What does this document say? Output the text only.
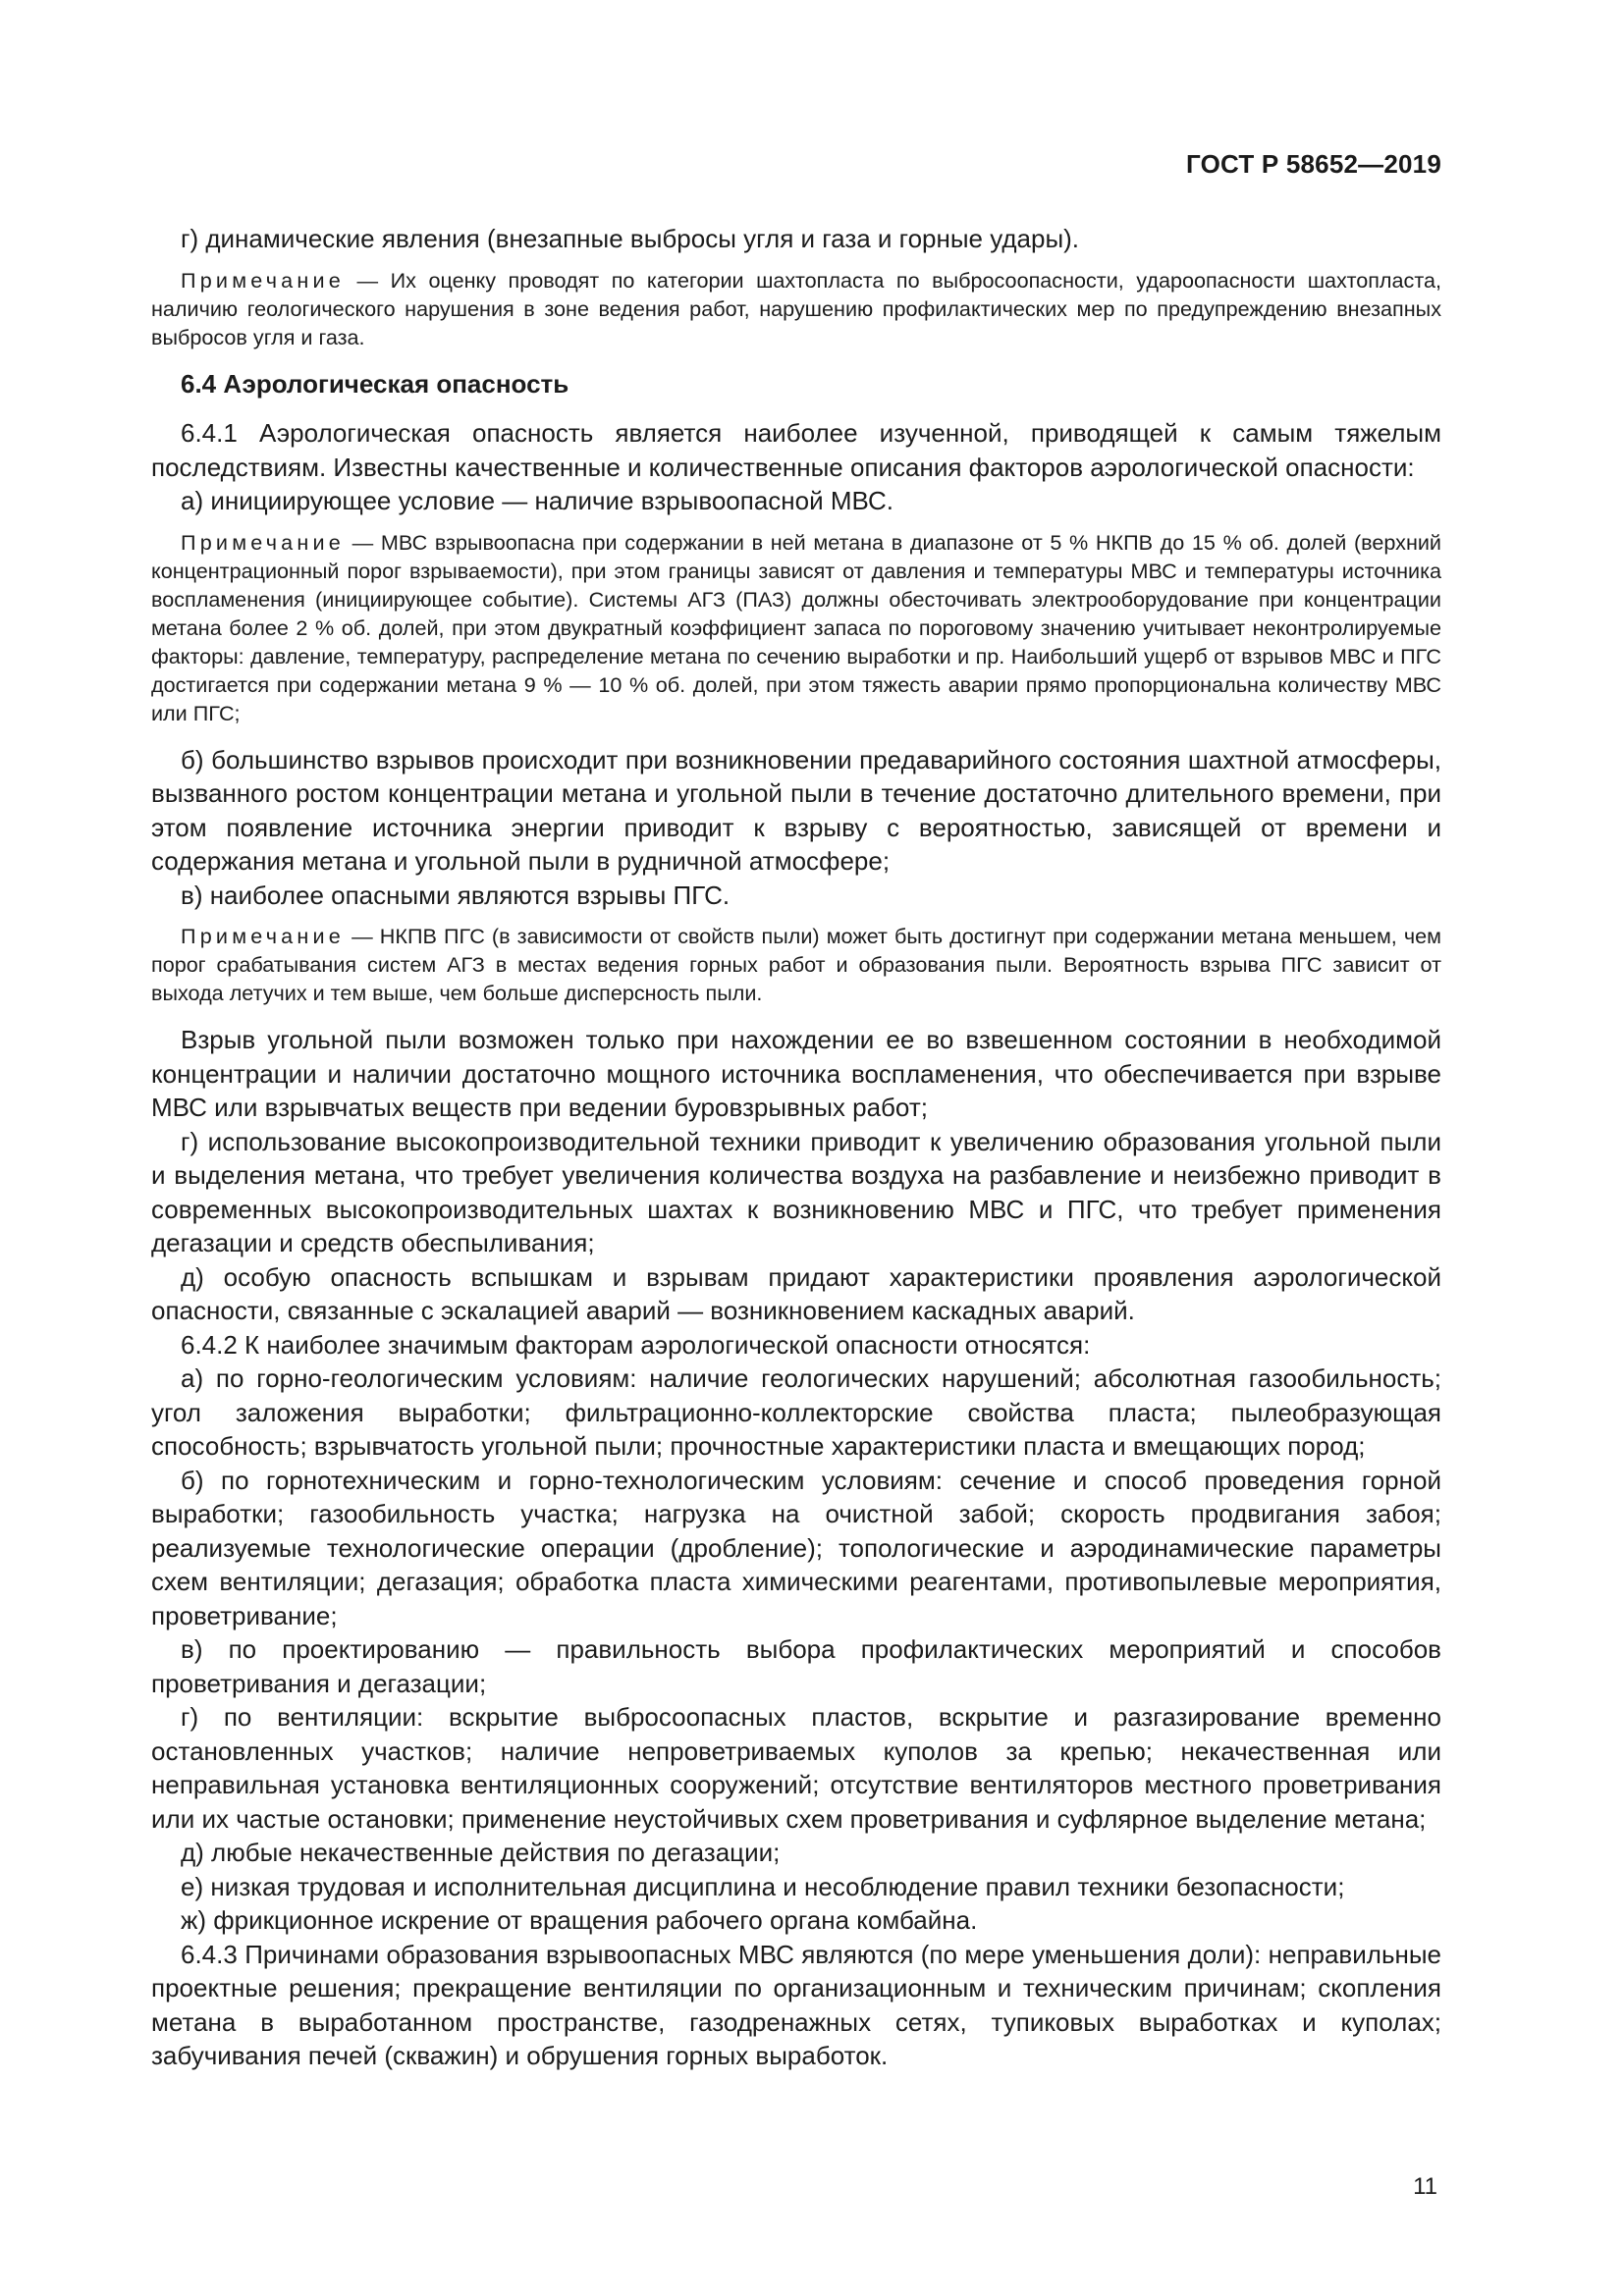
ГОСТ Р 58652—2019

г) динамические явления (внезапные выбросы угля и газа и горные удары).

Примечание — Их оценку проводят по категории шахтопласта по выбросоопасности, удароопасности шахтопласта, наличию геологического нарушения в зоне ведения работ, нарушению профилактических мер по предупреждению внезапных выбросов угля и газа.

6.4 Аэрологическая опасность

6.4.1 Аэрологическая опасность является наиболее изученной, приводящей к самым тяжелым последствиям. Известны качественные и количественные описания факторов аэрологической опасности:

а) инициирующее условие — наличие взрывоопасной МВС.

Примечание — МВС взрывоопасна при содержании в ней метана в диапазоне от 5 % НКПВ до 15 % об. долей (верхний концентрационный порог взрываемости), при этом границы зависят от давления и температуры МВС и температуры источника воспламенения (инициирующее событие). Системы АГЗ (ПАЗ) должны обесточивать электрооборудование при концентрации метана более 2 % об. долей, при этом двукратный коэффициент запаса по пороговому значению учитывает неконтролируемые факторы: давление, температуру, распределение метана по сечению выработки и пр. Наибольший ущерб от взрывов МВС и ПГС достигается при содержании метана 9 % — 10 % об. долей, при этом тяжесть аварии прямо пропорциональна количеству МВС или ПГС;

б) большинство взрывов происходит при возникновении предаварийного состояния шахтной атмосферы, вызванного ростом концентрации метана и угольной пыли в течение достаточно длительного времени, при этом появление источника энергии приводит к взрыву с вероятностью, зависящей от времени и содержания метана и угольной пыли в рудничной атмосфере;

в) наиболее опасными являются взрывы ПГС.

Примечание — НКПВ ПГС (в зависимости от свойств пыли) может быть достигнут при содержании метана меньшем, чем порог срабатывания систем АГЗ в местах ведения горных работ и образования пыли. Вероятность взрыва ПГС зависит от выхода летучих и тем выше, чем больше дисперсность пыли.

Взрыв угольной пыли возможен только при нахождении ее во взвешенном состоянии в необходимой концентрации и наличии достаточно мощного источника воспламенения, что обеспечивается при взрыве МВС или взрывчатых веществ при ведении буровзрывных работ;

г) использование высокопроизводительной техники приводит к увеличению образования угольной пыли и выделения метана, что требует увеличения количества воздуха на разбавление и неизбежно приводит в современных высокопроизводительных шахтах к возникновению МВС и ПГС, что требует применения дегазации и средств обеспыливания;

д) особую опасность вспышкам и взрывам придают характеристики проявления аэрологической опасности, связанные с эскалацией аварий — возникновением каскадных аварий.

6.4.2 К наиболее значимым факторам аэрологической опасности относятся:

а) по горно-геологическим условиям: наличие геологических нарушений; абсолютная газообильность; угол заложения выработки; фильтрационно-коллекторские свойства пласта; пылеобразующая способность; взрывчатость угольной пыли; прочностные характеристики пласта и вмещающих пород;

б) по горнотехническим и горно-технологическим условиям: сечение и способ проведения горной выработки; газообильность участка; нагрузка на очистной забой; скорость продвигания забоя; реализуемые технологические операции (дробление); топологические и аэродинамические параметры схем вентиляции; дегазация; обработка пласта химическими реагентами, противопылевые мероприятия, проветривание;

в) по проектированию — правильность выбора профилактических мероприятий и способов проветривания и дегазации;

г) по вентиляции: вскрытие выбросоопасных пластов, вскрытие и разгазирование временно остановленных участков; наличие непроветриваемых куполов за крепью; некачественная или неправильная установка вентиляционных сооружений; отсутствие вентиляторов местного проветривания или их частые остановки; применение неустойчивых схем проветривания и суфлярное выделение метана;

д) любые некачественные действия по дегазации;

е) низкая трудовая и исполнительная дисциплина и несоблюдение правил техники безопасности;

ж) фрикционное искрение от вращения рабочего органа комбайна.

6.4.3 Причинами образования взрывоопасных МВС являются (по мере уменьшения доли): неправильные проектные решения; прекращение вентиляции по организационным и техническим причинам; скопления метана в выработанном пространстве, газодренажных сетях, тупиковых выработках и куполах; забучивания печей (скважин) и обрушения горных выработок.

11
